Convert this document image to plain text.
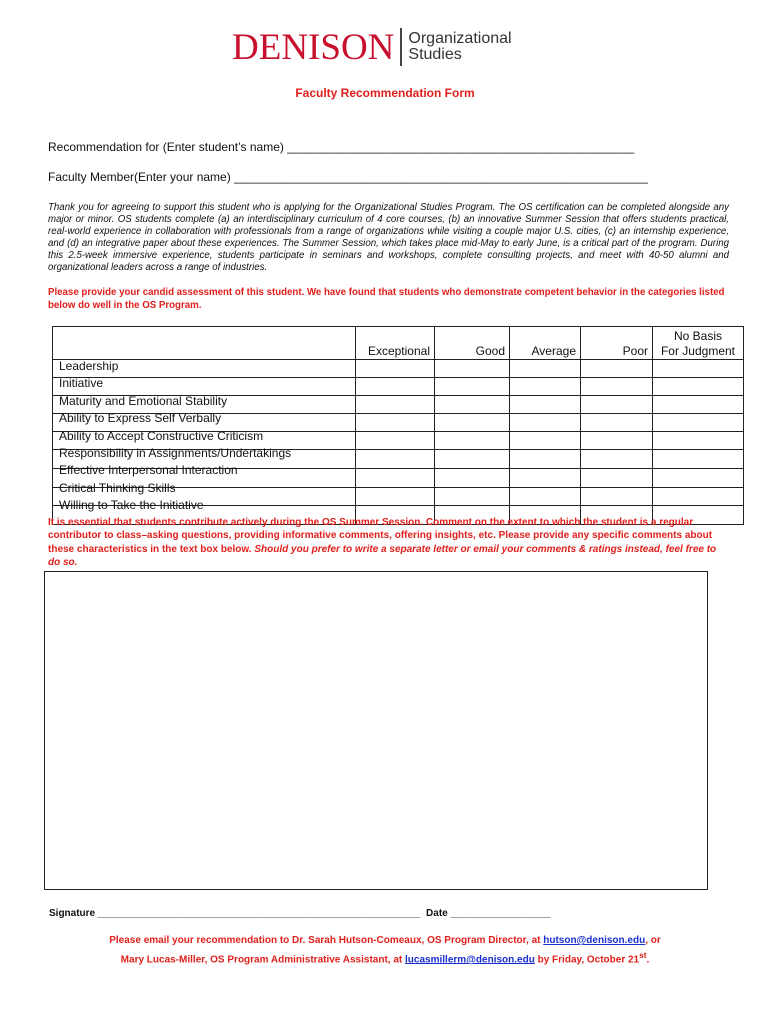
DENISON Organizational
Studies
Faculty Recommendation Form
Recommendation for (Enter student’s name) ____________________________________________________
Faculty Member(Enter your name) ______________________________________________________________
Thank you for agreeing to support this student who is applying for the Organizational Studies Program. The OS certification can be completed alongside any major or minor. OS students complete (a) an interdisciplinary curriculum of 4 core courses, (b) an innovative Summer Session that offers students practical, real-world experience in collaboration with professionals from a range of organizations while visiting a couple major U.S. cities, (c) an internship experience, and (d) an integrative paper about these experiences. The Summer Session, which takes place mid-May to early June, is a critical part of the program. During this 2.5-week immersive experience, students participate in seminars and workshops, complete consulting projects, and meet with 40-50 alumni and organizational leaders across a range of industries.
Please provide your candid assessment of this student. We have found that students who demonstrate competent behavior in the categories listed below do well in the OS Program.
	Exceptional	Good	Average	Poor	No Basis
For Judgment

Leadership
Initiative
Maturity and Emotional Stability
Ability to Express Self Verbally
Ability to Accept Constructive Criticism
Responsibility in Assignments/Undertakings
Effective Interpersonal Interaction
Critical Thinking Skills
Willing to Take the Initiative
It is essential that students contribute actively during the OS Summer Session. Comment on the extent to which the student is a regular contributor to class–asking questions, providing informative comments, offering insights, etc. Please provide any specific comments about these characteristics in the text box below. Should you prefer to write a separate letter or email your comments & ratings instead, feel free to do so.
Signature __________________________________________________________ Date __________________
Please email your recommendation to Dr. Sarah Hutson-Comeaux, OS Program Director, at hutson@denison.edu, or
Mary Lucas-Miller, OS Program Administrative Assistant, at lucasmillerm@denison.edu by Friday, October 21st.
